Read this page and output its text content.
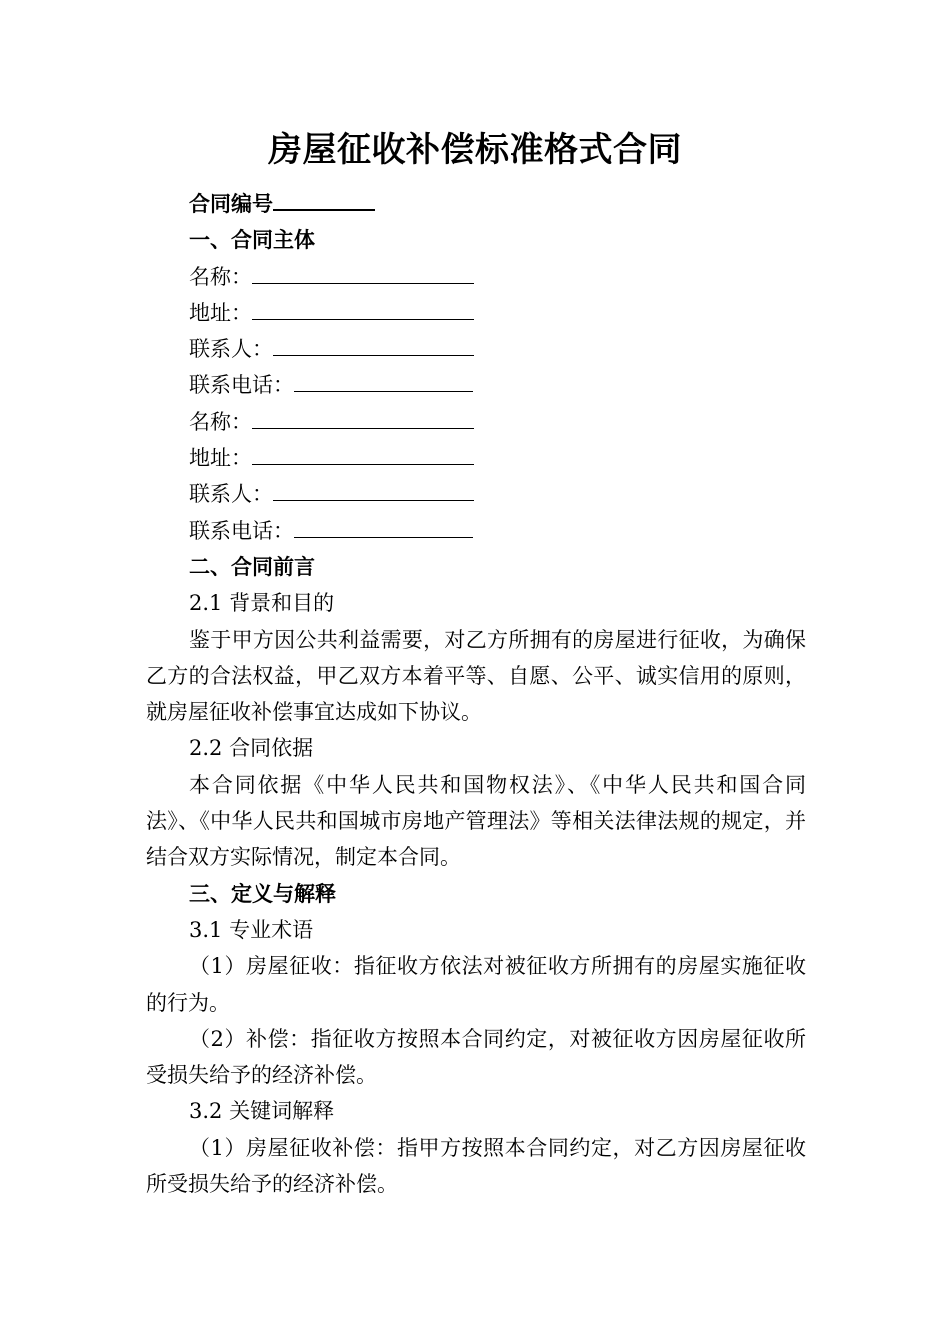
房屋征收补偿标准格式合同

合同编号

一、合同主体

名称：

地址：

联系人：

联系电话：

名称：

地址：

联系人：

联系电话：

二、合同前言

2.1 背景和目的

鉴于甲方因公共利益需要，对乙方所拥有的房屋进行征收，为确保乙方的合法权益，甲乙双方本着平等、自愿、公平、诚实信用的原则，就房屋征收补偿事宜达成如下协议。

2.2 合同依据

本合同依据《中华人民共和国物权法》、《中华人民共和国合同法》、《中华人民共和国城市房地产管理法》等相关法律法规的规定，并结合双方实际情况，制定本合同。

三、定义与解释

3.1 专业术语

（1）房屋征收：指征收方依法对被征收方所拥有的房屋实施征收的行为。

（2）补偿：指征收方按照本合同约定，对被征收方因房屋征收所受损失给予的经济补偿。

3.2 关键词解释

（1）房屋征收补偿：指甲方按照本合同约定，对乙方因房屋征收所受损失给予的经济补偿。
